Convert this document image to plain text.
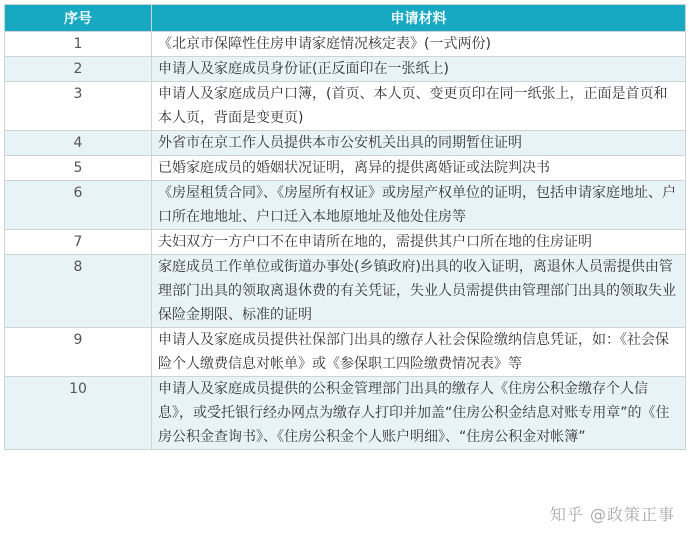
序号	申请材料
1	《北京市保障性住房申请家庭情况核定表》(一式两份)
2	申请人及家庭成员身份证(正反面印在一张纸上)
3	申请人及家庭成员户口簿，(首页、本人页、变更页印在同一纸张上，正面是首页和本人页，背面是变更页)
4	外省市在京工作人员提供本市公安机关出具的同期暂住证明
5	已婚家庭成员的婚姻状况证明，离异的提供离婚证或法院判决书
6	《房屋租赁合同》、《房屋所有权证》或房屋产权单位的证明，包括申请家庭地址、户口所在地地址、户口迁入本地原地址及他处住房等
7	夫妇双方一方户口不在申请所在地的，需提供其户口所在地的住房证明
8	家庭成员工作单位或街道办事处(乡镇政府)出具的收入证明，离退休人员需提供由管理部门出具的领取离退休费的有关凭证，失业人员需提供由管理部门出具的领取失业保险金期限、标准的证明
9	申请人及家庭成员提供社保部门出具的缴存人社会保险缴纳信息凭证，如：《社会保险个人缴费信息对帐单》或《参保职工四险缴费情况表》等
10	申请人及家庭成员提供的公积金管理部门出具的缴存人《住房公积金缴存个人信息》，或受托银行经办网点为缴存人打印并加盖“住房公积金结息对账专用章”的《住房公积金查询书》、《住房公积金个人账户明细》、“住房公积金对帐簿”
知乎 @政策正事
